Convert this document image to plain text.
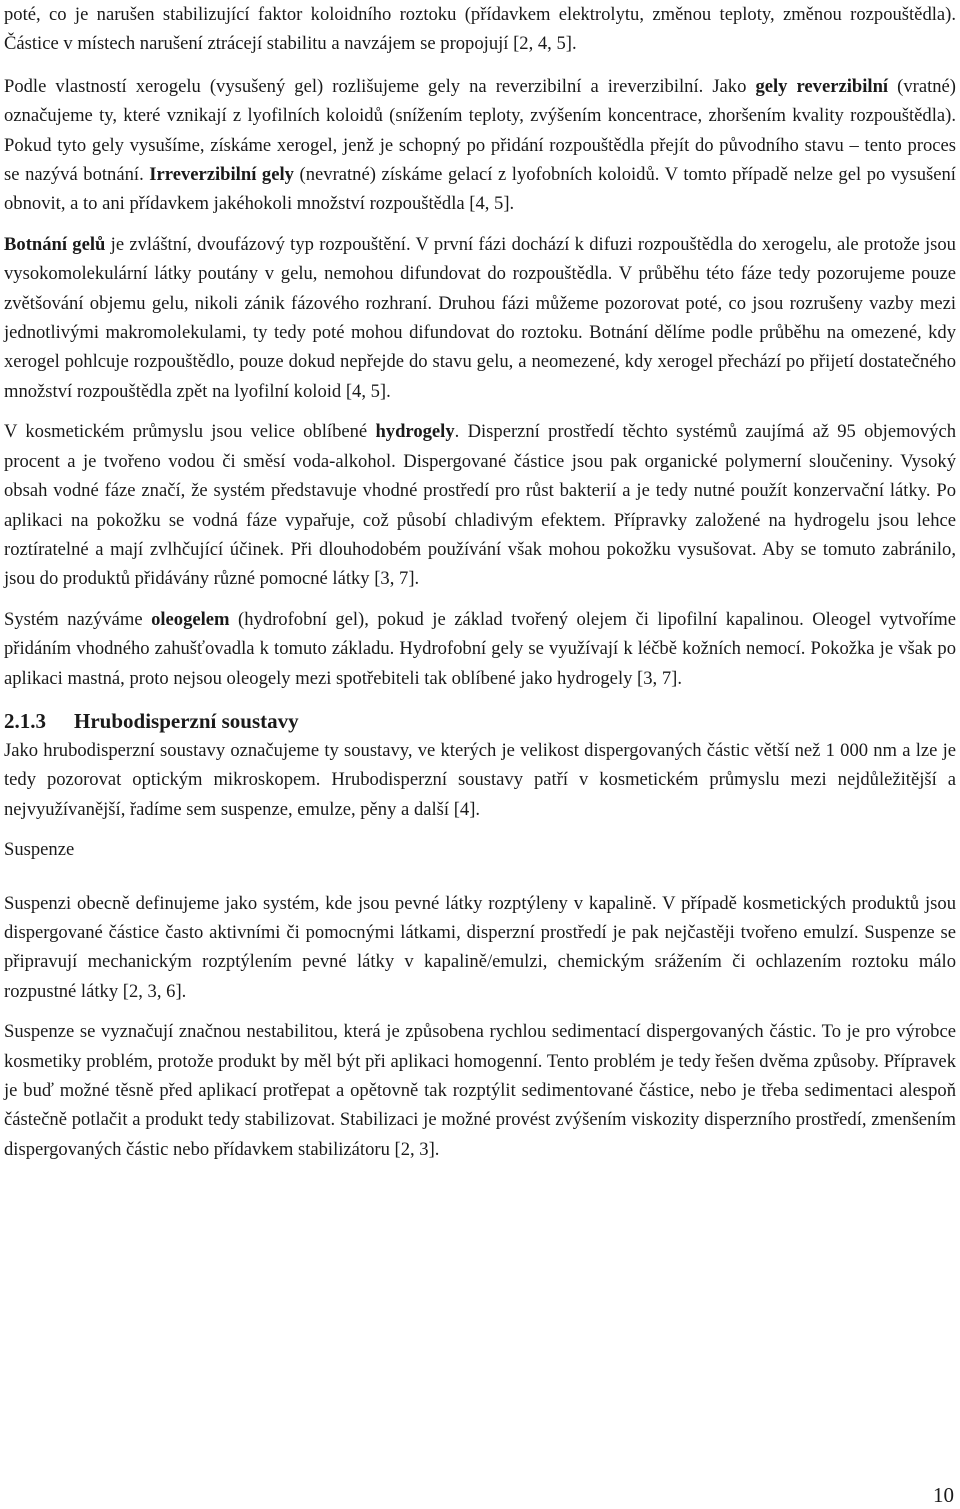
poté, co je narušen stabilizující faktor koloidního roztoku (přídavkem elektrolytu, změnou teploty, změnou rozpouštědla). Částice v místech narušení ztrácejí stabilitu a navzájem se propojují [2, 4, 5].

Podle vlastností xerogelu (vysušený gel) rozlišujeme gely na reverzibilní a ireverzibilní. Jako gely reverzibilní (vratné) označujeme ty, které vznikají z lyofilních koloidů (snížením teploty, zvýšením koncentrace, zhoršením kvality rozpouštědla). Pokud tyto gely vysušíme, získáme xerogel, jenž je schopný po přidání rozpouštědla přejít do původního stavu – tento proces se nazývá botnání. Irreverzibilní gely (nevratné) získáme gelací z lyofobních koloidů. V tomto případě nelze gel po vysušení obnovit, a to ani přídavkem jakéhokoli množství rozpouštědla [4, 5].

Botnání gelů je zvláštní, dvoufázový typ rozpouštění. V první fázi dochází k difuzi rozpouštědla do xerogelu, ale protože jsou vysokomolekulární látky poutány v gelu, nemohou difundovat do rozpouštědla. V průběhu této fáze tedy pozorujeme pouze zvětšování objemu gelu, nikoli zánik fázového rozhraní. Druhou fázi můžeme pozorovat poté, co jsou rozrušeny vazby mezi jednotlivými makromolekulami, ty tedy poté mohou difundovat do roztoku. Botnání dělíme podle průběhu na omezené, kdy xerogel pohlcuje rozpouštědlo, pouze dokud nepřejde do stavu gelu, a neomezené, kdy xerogel přechází po přijetí dostatečného množství rozpouštědla zpět na lyofilní koloid [4, 5].

V kosmetickém průmyslu jsou velice oblíbené hydrogely. Disperzní prostředí těchto systémů zaujímá až 95 objemových procent a je tvořeno vodou či směsí voda-alkohol. Dispergované částice jsou pak organické polymerní sloučeniny. Vysoký obsah vodné fáze značí, že systém představuje vhodné prostředí pro růst bakterií a je tedy nutné použít konzervační látky. Po aplikaci na pokožku se vodná fáze vypařuje, což působí chladivým efektem. Přípravky založené na hydrogelu jsou lehce roztíratelné a mají zvlhčující účinek. Při dlouhodobém používání však mohou pokožku vysušovat. Aby se tomuto zabránilo, jsou do produktů přidávány různé pomocné látky [3, 7].

Systém nazýváme oleogelem (hydrofobní gel), pokud je základ tvořený olejem či lipofilní kapalinou. Oleogel vytvoříme přidáním vhodného zahušťovadla k tomuto základu. Hydrofobní gely se využívají k léčbě kožních nemocí. Pokožka je však po aplikaci mastná, proto nejsou oleogely mezi spotřebiteli tak oblíbené jako hydrogely [3, 7].

2.1.3 Hrubodisperzní soustavy

Jako hrubodisperzní soustavy označujeme ty soustavy, ve kterých je velikost dispergovaných částic větší než 1 000 nm a lze je tedy pozorovat optickým mikroskopem. Hrubodisperzní soustavy patří v kosmetickém průmyslu mezi nejdůležitější a nejvyužívanější, řadíme sem suspenze, emulze, pěny a další [4].

Suspenze

Suspenzi obecně definujeme jako systém, kde jsou pevné látky rozptýleny v kapalině. V případě kosmetických produktů jsou dispergované částice často aktivními či pomocnými látkami, disperzní prostředí je pak nejčastěji tvořeno emulzí. Suspenze se připravují mechanickým rozptýlením pevné látky v kapalině/emulzi, chemickým srážením či ochlazením roztoku málo rozpustné látky [2, 3, 6].

Suspenze se vyznačují značnou nestabilitou, která je způsobena rychlou sedimentací dispergovaných částic. To je pro výrobce kosmetiky problém, protože produkt by měl být při aplikaci homogenní. Tento problém je tedy řešen dvěma způsoby. Přípravek je buď možné těsně před aplikací protřepat a opětovně tak rozptýlit sedimentované částice, nebo je třeba sedimentaci alespoň částečně potlačit a produkt tedy stabilizovat. Stabilizaci je možné provést zvýšením viskozity disperzního prostředí, zmenšením dispergovaných částic nebo přídavkem stabilizátoru [2, 3].

10
